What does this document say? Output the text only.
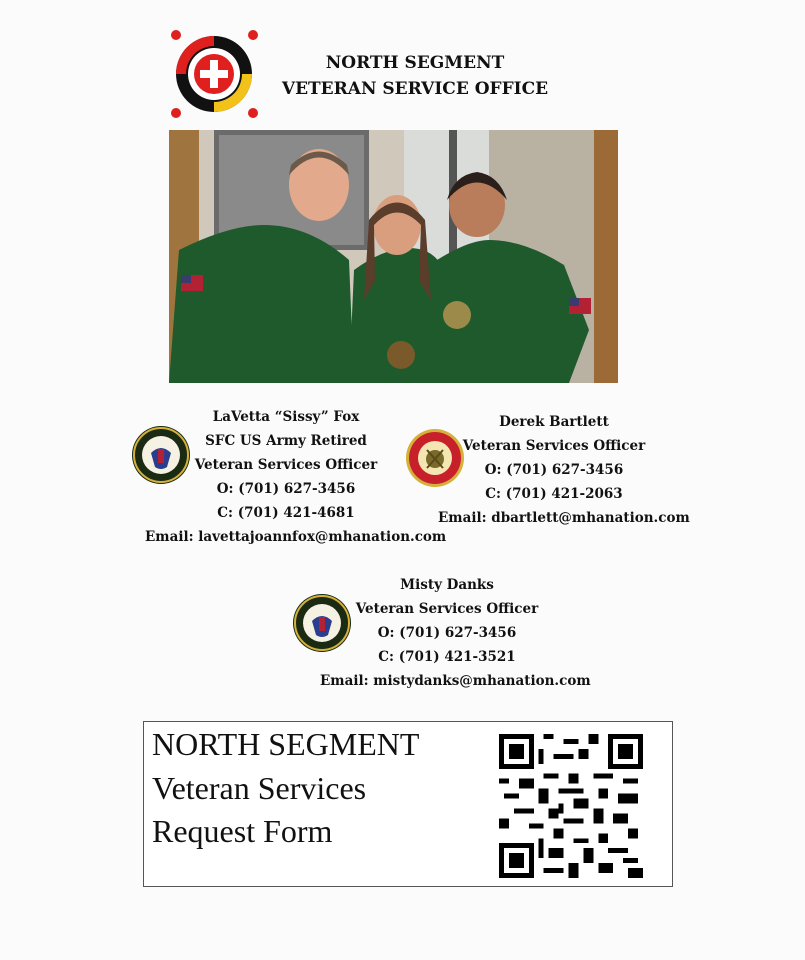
NORTH SEGMENT
VETERAN SERVICE OFFICE
LaVetta “Sissy” Fox
SFC US Army Retired
Veteran Services Officer
O: (701) 627-3456
C: (701) 421-4681
Email: lavettajoannfox@mhanation.com
Derek Bartlett
Veteran Services Officer
O: (701) 627-3456
C: (701) 421-2063
Email: dbartlett@mhanation.com
Misty Danks
Veteran Services Officer
O: (701) 627-3456
C: (701) 421-3521
Email: mistydanks@mhanation.com
NORTH SEGMENT
Veteran Services
Request Form
